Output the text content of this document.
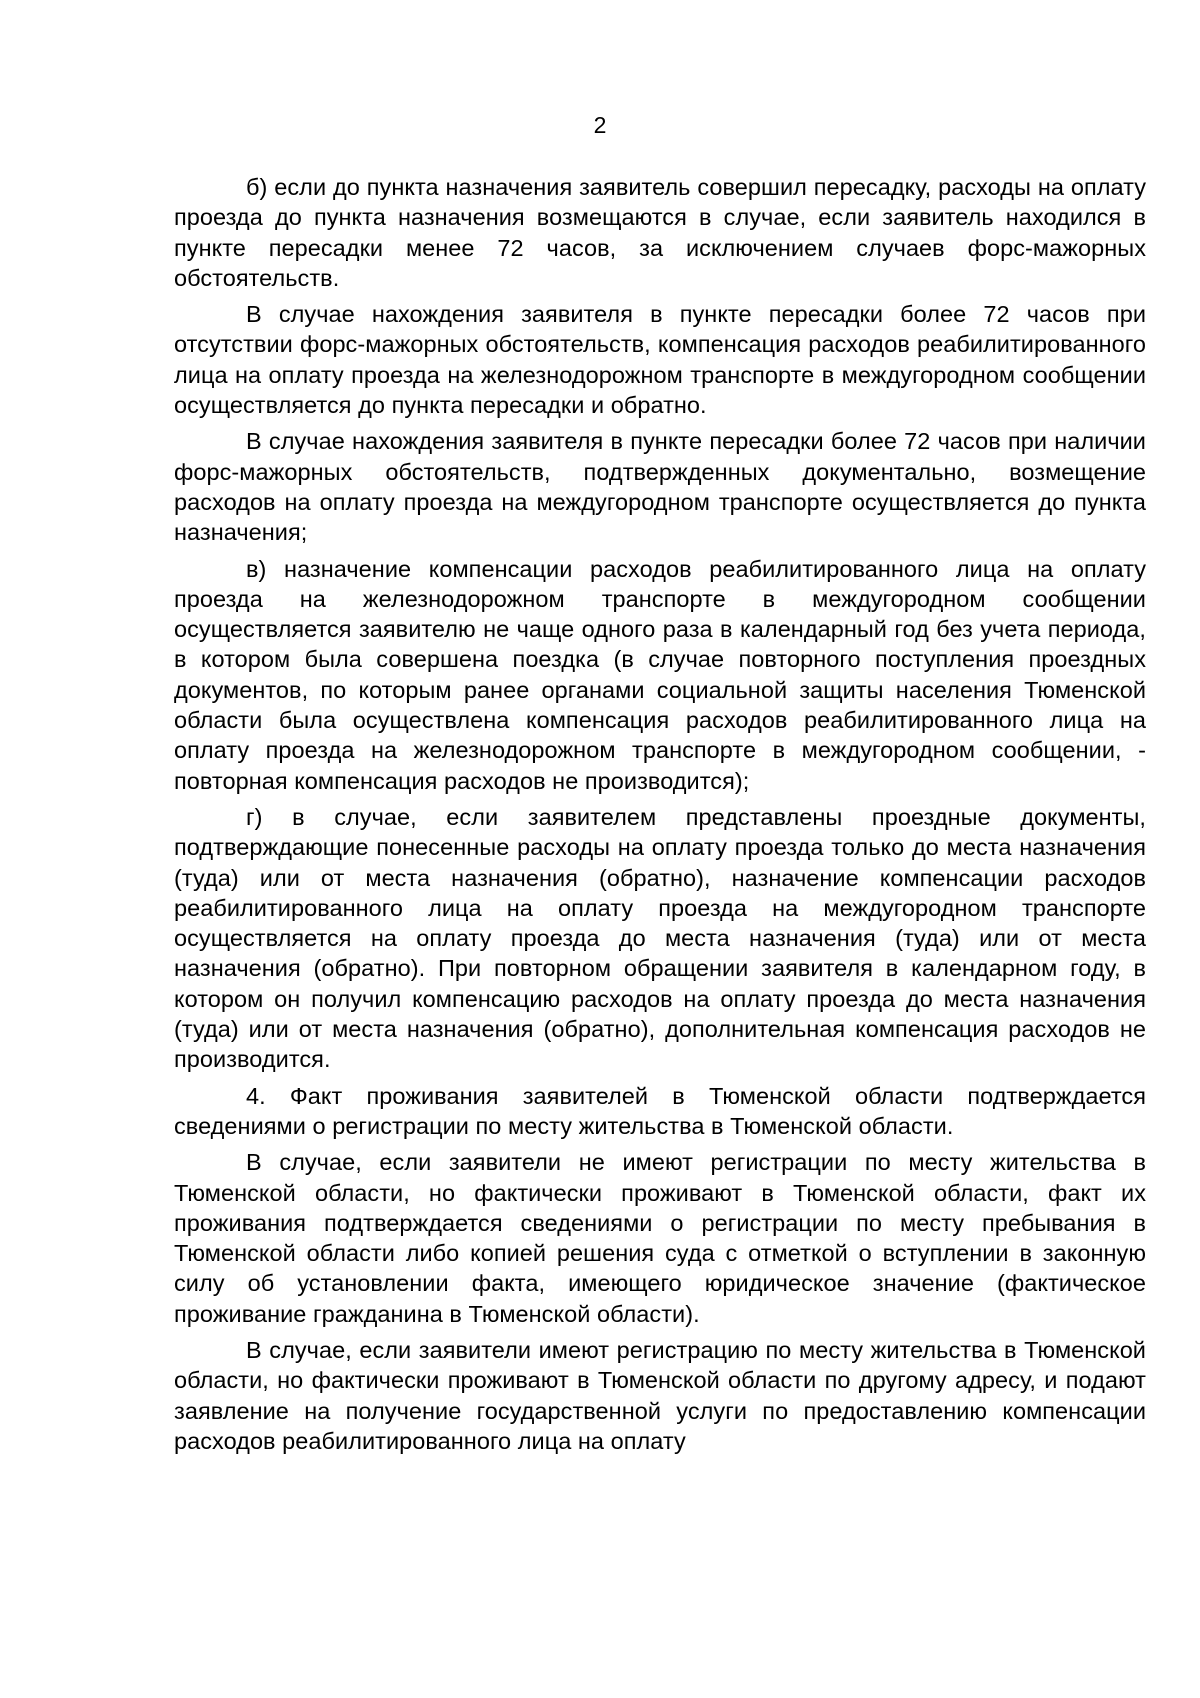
2

б) если до пункта назначения заявитель совершил пересадку, расходы на оплату проезда до пункта назначения возмещаются в случае, если заявитель находился в пункте пересадки менее 72 часов, за исключением случаев форс-мажорных обстоятельств.

В случае нахождения заявителя в пункте пересадки более 72 часов при отсутствии форс-мажорных обстоятельств, компенсация расходов реабилитированного лица на оплату проезда на железнодорожном транспорте в междугородном сообщении осуществляется до пункта пересадки и обратно.

В случае нахождения заявителя в пункте пересадки более 72 часов при наличии форс-мажорных обстоятельств, подтвержденных документально, возмещение расходов на оплату проезда на междугородном транспорте осуществляется до пункта назначения;

в) назначение компенсации расходов реабилитированного лица на оплату проезда на железнодорожном транспорте в междугородном сообщении осуществляется заявителю не чаще одного раза в календарный год без учета периода, в котором была совершена поездка (в случае повторного поступления проездных документов, по которым ранее органами социальной защиты населения Тюменской области была осуществлена компенсация расходов реабилитированного лица на оплату проезда на железнодорожном транспорте в междугородном сообщении, - повторная компенсация расходов не производится);

г) в случае, если заявителем представлены проездные документы, подтверждающие понесенные расходы на оплату проезда только до места назначения (туда) или от места назначения (обратно), назначение компенсации расходов реабилитированного лица на оплату проезда на междугородном транспорте осуществляется на оплату проезда до места назначения (туда) или от места назначения (обратно). При повторном обращении заявителя в календарном году, в котором он получил компенсацию расходов на оплату проезда до места назначения (туда) или от места назначения (обратно), дополнительная компенсация расходов не производится.

4. Факт проживания заявителей в Тюменской области подтверждается сведениями о регистрации по месту жительства в Тюменской области.

В случае, если заявители не имеют регистрации по месту жительства в Тюменской области, но фактически проживают в Тюменской области, факт их проживания подтверждается сведениями о регистрации по месту пребывания в Тюменской области либо копией решения суда с отметкой о вступлении в законную силу об установлении факта, имеющего юридическое значение (фактическое проживание гражданина в Тюменской области).

В случае, если заявители имеют регистрацию по месту жительства в Тюменской области, но фактически проживают в Тюменской области по другому адресу, и подают заявление на получение государственной услуги по предоставлению компенсации расходов реабилитированного лица на оплату
